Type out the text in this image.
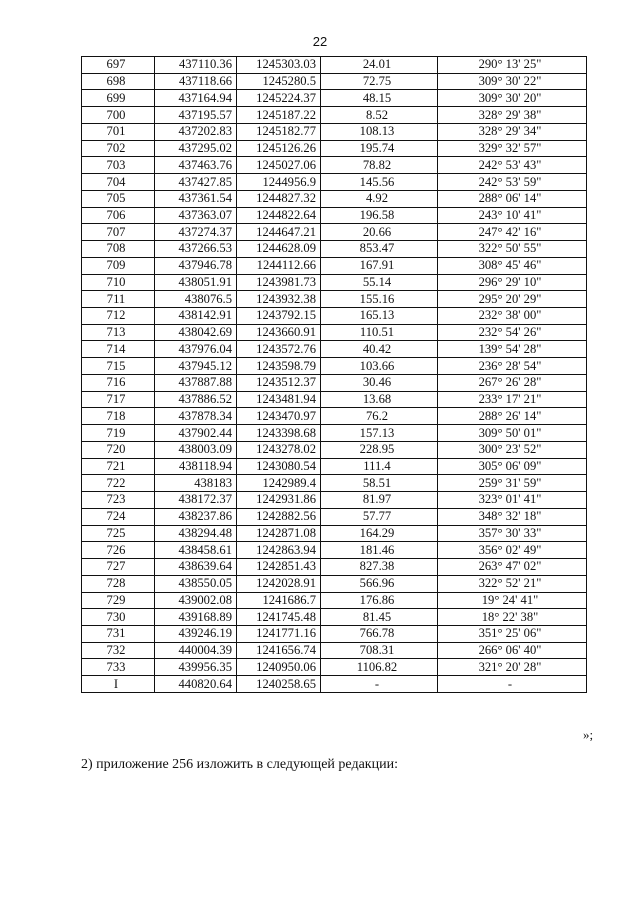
22
697	437110.36	1245303.03	24.01	290° 13' 25"
698	437118.66	1245280.5	72.75	309° 30' 22"
699	437164.94	1245224.37	48.15	309° 30' 20"
700	437195.57	1245187.22	8.52	328° 29' 38"
701	437202.83	1245182.77	108.13	328° 29' 34"
702	437295.02	1245126.26	195.74	329° 32' 57"
703	437463.76	1245027.06	78.82	242° 53' 43"
704	437427.85	1244956.9	145.56	242° 53' 59"
705	437361.54	1244827.32	4.92	288° 06' 14"
706	437363.07	1244822.64	196.58	243° 10' 41"
707	437274.37	1244647.21	20.66	247° 42' 16"
708	437266.53	1244628.09	853.47	322° 50' 55"
709	437946.78	1244112.66	167.91	308° 45' 46"
710	438051.91	1243981.73	55.14	296° 29' 10"
711	438076.5	1243932.38	155.16	295° 20' 29"
712	438142.91	1243792.15	165.13	232° 38' 00"
713	438042.69	1243660.91	110.51	232° 54' 26"
714	437976.04	1243572.76	40.42	139° 54' 28"
715	437945.12	1243598.79	103.66	236° 28' 54"
716	437887.88	1243512.37	30.46	267° 26' 28"
717	437886.52	1243481.94	13.68	233° 17' 21"
718	437878.34	1243470.97	76.2	288° 26' 14"
719	437902.44	1243398.68	157.13	309° 50' 01"
720	438003.09	1243278.02	228.95	300° 23' 52"
721	438118.94	1243080.54	111.4	305° 06' 09"
722	438183	1242989.4	58.51	259° 31' 59"
723	438172.37	1242931.86	81.97	323° 01' 41"
724	438237.86	1242882.56	57.77	348° 32' 18"
725	438294.48	1242871.08	164.29	357° 30' 33"
726	438458.61	1242863.94	181.46	356° 02' 49"
727	438639.64	1242851.43	827.38	263° 47' 02"
728	438550.05	1242028.91	566.96	322° 52' 21"
729	439002.08	1241686.7	176.86	19° 24' 41"
730	439168.89	1241745.48	81.45	18° 22' 38"
731	439246.19	1241771.16	766.78	351° 25' 06"
732	440004.39	1241656.74	708.31	266° 06' 40"
733	439956.35	1240950.06	1106.82	321° 20' 28"
I	440820.64	1240258.65	-	-
»;
2) приложение 256 изложить в следующей редакции:
